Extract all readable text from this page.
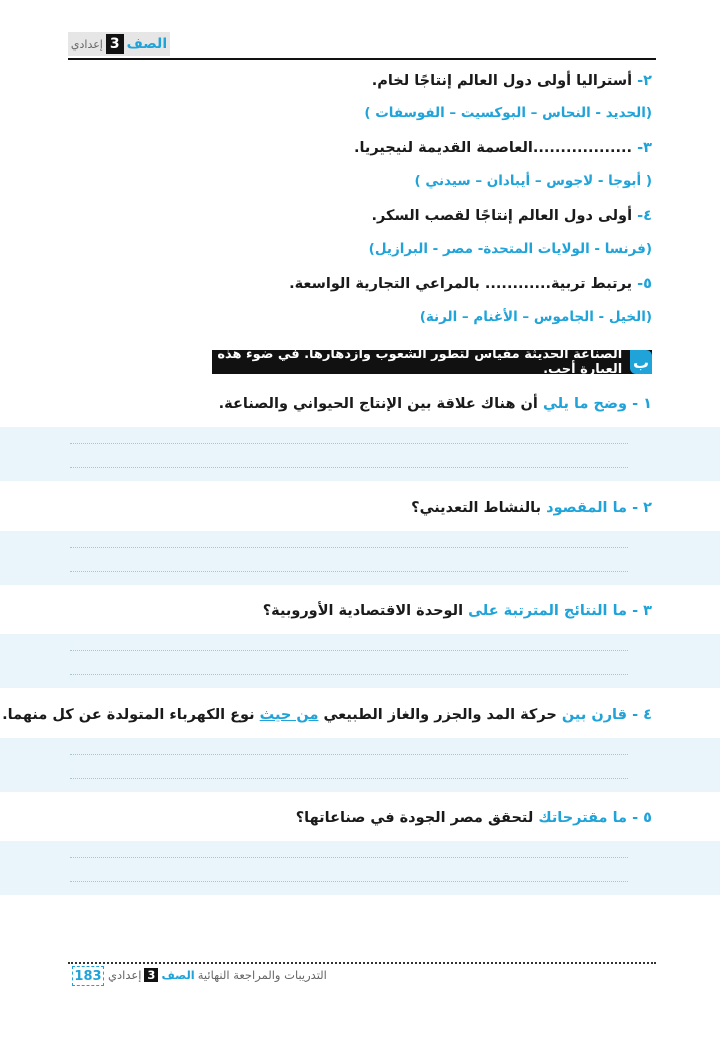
الصف
3
إعدادي
٢- أستراليا أولى دول العالم إنتاجًا لخام.
(الحديد - النحاس – البوكسيت – الفوسفات )
٣- ..................العاصمة القديمة لنيجيريا.
( أبوجا - لاجوس – أيبادان – سيدني )
٤- أولى دول العالم إنتاجًا لقصب السكر.
(فرنسا - الولايات المتحدة- مصر - البرازيل)
٥- يرتبط تربية............ بالمراعي التجارية الواسعة.
(الخيل - الجاموس – الأغنام – الرنة)
ب
الصناعة الحديثة مقياس لتطور الشعوب وازدهارها. في ضوء هذه العبارة أجب.
١ - وضح ما يلي أن هناك علاقة بين الإنتاج الحيواني والصناعة.
٢ - ما المقصود بالنشاط التعديني؟
٣ - ما النتائج المترتبة على الوحدة الاقتصادية الأوروبية؟
٤ - قارن بين حركة المد والجزر والغاز الطبيعي من حيث نوع الكهرباء المتولدة عن كل منهما.
٥ - ما مقترحاتك لتحقق مصر الجودة في صناعاتها؟
183	التدريبات والمراجعة النهائية
الصف
3
إعدادي
